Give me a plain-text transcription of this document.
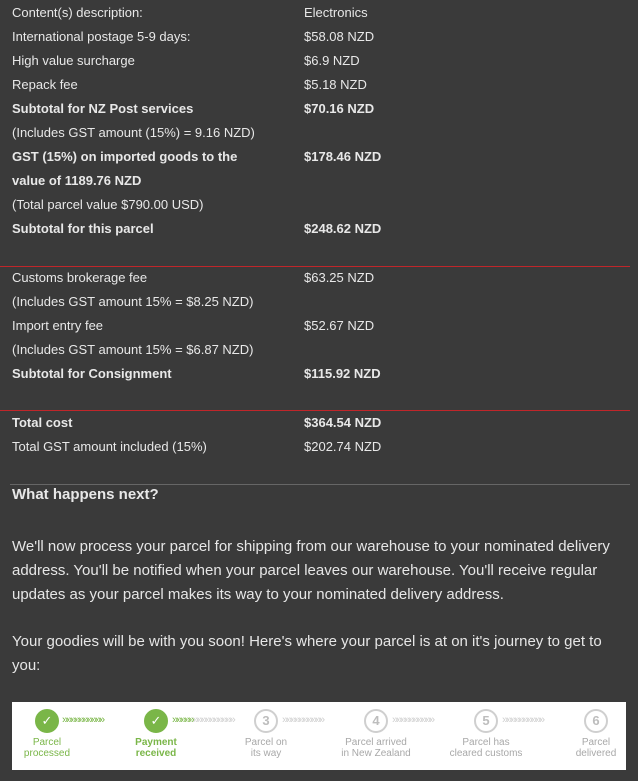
Content(s) description:	Electronics
International postage 5-9 days:	$58.08 NZD
High value surcharge	$6.9 NZD
Repack fee	$5.18 NZD
Subtotal for NZ Post services	$70.16 NZD
(Includes GST amount (15%) = 9.16 NZD)
GST (15%) on imported goods to the	$178.46 NZD
value of 1189.76 NZD
(Total parcel value $790.00 USD)
Subtotal for this parcel	$248.62 NZD
Customs brokerage fee	$63.25 NZD
(Includes GST amount 15% = $8.25 NZD)
Import entry fee	$52.67 NZD
(Includes GST amount 15% = $6.87 NZD)
Subtotal for Consignment	$115.92 NZD
Total cost	$364.54 NZD
Total GST amount included (15%)	$202.74 NZD
What happens next?
We'll now process your parcel for shipping from our warehouse to your nominated delivery address. You'll be notified when your parcel leaves our warehouse. You'll receive regular updates as your parcel makes its way to your nominated delivery address.
Your goodies will be with you soon! Here's where your parcel is at on it's journey to get to you:
»»»»»»»»»»	»»»»»»»»»»»»»»»	»»»»»»»»»»	»»»»»»»»»»	»»»»»»»»»»
✓
Parcel
processed
✓
Payment
received
3
Parcel on
its way
4
Parcel arrived
in New Zealand
5
Parcel has
cleared customs
6
Parcel
delivered
